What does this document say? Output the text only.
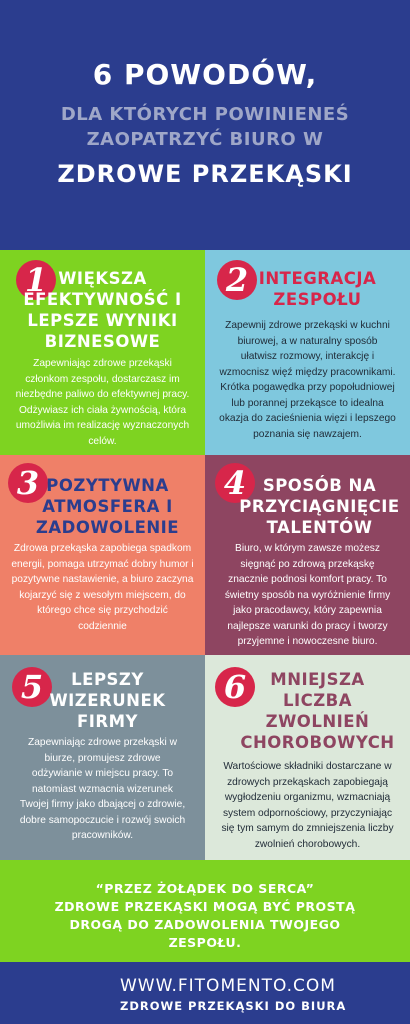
6 POWODÓW,
DLA KTÓRYCH POWINIENEŚ
ZAOPATRZYĆ BIURO W
ZDROWE PRZEKĄSKI
1 WIĘKSZA
EFEKTYWNOŚĆ I
LEPSZE WYNIKI
BIZNESOWE
Zapewniając zdrowe przekąski
członkom zespołu, dostarczasz im
niezbędne paliwo do efektywnej pracy.
Odżywiasz ich ciała żywnością, która
umożliwia im realizację wyznaczonych
celów.
2 INTEGRACJA
ZESPOŁU
Zapewnij zdrowe przekąski w kuchni
biurowej, a w naturalny sposób
ułatwisz rozmowy, interakcję i
wzmocnisz więź między pracownikami.
Krótka pogawędka przy popołudniowej
lub porannej przekąsce to idealna
okazja do zacieśnienia więzi i lepszego
poznania się nawzajem.
3 POZYTYWNA
ATMOSFERA I
ZADOWOLENIE
Zdrowa przekąska zapobiega spadkom
energii, pomaga utrzymać dobry humor i
pozytywne nastawienie, a biuro zaczyna
kojarzyć się z wesołym miejscem, do
którego chce się przychodzić
codziennie
4	SPOSÓB NA
PRZYCIĄGNIĘCIE
TALENTÓW
Biuro, w którym zawsze możesz
sięgnąć po zdrową przekąskę
znacznie podnosi komfort pracy. To
świetny sposób na wyróżnienie firmy
jako pracodawcy, który zapewnia
najlepsze warunki do pracy i tworzy
przyjemne i nowoczesne biuro.
5	LEPSZY
WIZERUNEK
FIRMY
Zapewniając zdrowe przekąski w
biurze, promujesz zdrowe
odżywianie w miejscu pracy. To
natomiast wzmacnia wizerunek
Twojej firmy jako dbającej o zdrowie,
dobre samopoczucie i rozwój swoich
pracowników.
6	MNIEJSZA
LICZBA
ZWOLNIEŃ
CHOROBOWYCH
Wartościowe składniki dostarczane w
zdrowych przekąskach zapobiegają
wygłodzeniu organizmu, wzmacniają
system odpornościowy, przyczyniając
się tym samym do zmniejszenia liczby
zwolnień chorobowych.
“PRZEZ ŻOŁĄDEK DO SERCA”
ZDROWE PRZEKĄSKI MOGĄ BYĆ PROSTĄ
DROGĄ DO ZADOWOLENIA TWOJEGO
ZESPOŁU.
WWW.FITOMENTO.COM
ZDROWE PRZEKĄSKI DO BIURA
